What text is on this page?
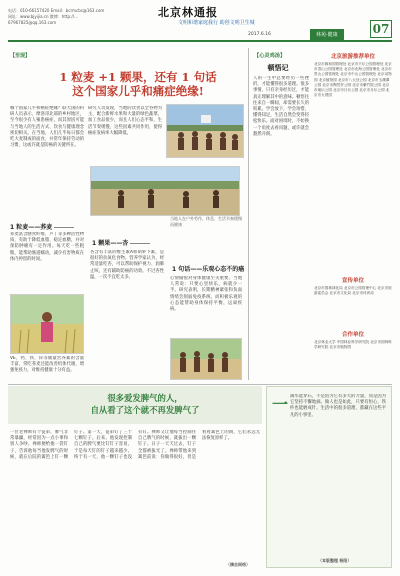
电话：010-66157420 Email：bcrmcbs@163.com
网址：www.bjyijia.cn 微博：http://... 67967825@qq.163.com
北京林通报
文明和谐家庭我行 助创文明卫生城
2017.6.16	林苑·健康	07
【至现】
1 粒麦 +1 颗果，还有 1 句话
这个国家儿乎和痛症绝缘!
哪个国家几乎和癌症绝缘？联大国的科研人员表示，摩洛哥北部的乡村地区，至今很少有人罹患癌症，而其原因可能与当地人的生活方式、饮食与健康理念密切相关。在当地，人们几乎每日都会吃大麦制成的面食，并常年保持劳动的习惯，这或许就是防癌的关键所在。
研究人员发现，当地的饮食以全谷物为主，配合新鲜水果和大量的绿色蔬菜，加工食品很少，而且人们心态平和，生活节奏缓慢，这些因素共同作用，使得癌症发病率大幅降低。
1 粒麦——荞麦
荞麦富含膳食纤维、芦丁等多种活性物质，有助于降低血脂、稳定血糖，并对预防肿瘤有一定作用。每天吃一些粗粮，能帮助肠道蠕动，减少有害物质在体内停留的时间。
VE、钙、铁、锌等微量营养素的含量丰富，常吃荞麦还能改善机体代谢，增强免疫力，对维持健康十分有益。
1 颗果——杏
杏含有丰富的维生素A和胡萝卜素，是很好的抗氧化食物。营养学家认为，经常适量吃杏，可以帮助保护视力、润肺止咳，还有辅助防癌的功效。不过杏性温，一次不宜吃太多。
1 句话——乐观心态不的癌
心情愉悦对身体健康至关重要。当地人常说：只要心里快乐，病就少一半。研究表明，长期精神紧张和负面情绪会削弱免疫系统，而积极乐观的心态能帮助身体保持平衡，远离疾病。
当地人在户外劳作、休息，生活节奏缓慢而健康
【心灵鸡汤】
顿悟记
人的一生中总要经历一些挫折，才能懂得很多道理。很多事情，只有亲身经历过，才能真正理解其中的意味。顿悟往往来自一瞬间，却需要长久的积累。学会放下，学会珍惜，懂得知足，生活自然会变得轻松快乐。面对困境时，不妨换一个角度去看问题，或许就会豁然开朗。
北京旅游推荐单位
北京市颐和园管理处 北京市天坛公园管理处 北京市香山公园管理处 北京市北海公园管理处 北京市景山公园管理处 北京市中山公园管理处 北京动物园 北京植物园 北京市八大处公园 北京市玉渊潭公园 北京市陶然亭公园 北京市紫竹院公园 北京市地坛公园 北京市日坛公园 北京市月坛公园 北京市大观园
宣传单位
北京市园林绿化局 北京市公园管理中心 北京市旅游委员会 北京市文化局 北京市体育局
合作单位
北京林业大学 中国林业科学研究院 北京市园林科学研究院 北京市植物园
很多爱发脾气的人，
自从看了这个就不再发脾气了
一位老禅师有个徒弟，脾气非常暴躁，经常因为一点小事和别人争吵。禅师便给他一袋钉子，告诉他每当他发脾气的时候，就在后院的篱笆上钉一颗钉子。第一天，徒弟钉了三十七颗钉子。后来，他发现控制自己的脾气要比钉钉子容易，于是每天钉的钉子越来越少。终于有一天，他一颗钉子也没有钉。禅师又让他每当控制住自己脾气的时候，就拔出一颗钉子。日子一天天过去，钉子全都被拔光了。禅师带他来到篱笆前说：你做得很好，但是看看篱笆上的洞，它们永远无法恢复原样了。
（摘自网络）
一 滴水能穿石，不是因为它有多大的力量，而是因为它坚持不懈地滴。做人也是如此，只要有恒心，铁杵也能磨成针。生活中的很多道理，都藏在这些平凡的小事里。
（本版整理 杨阳）
